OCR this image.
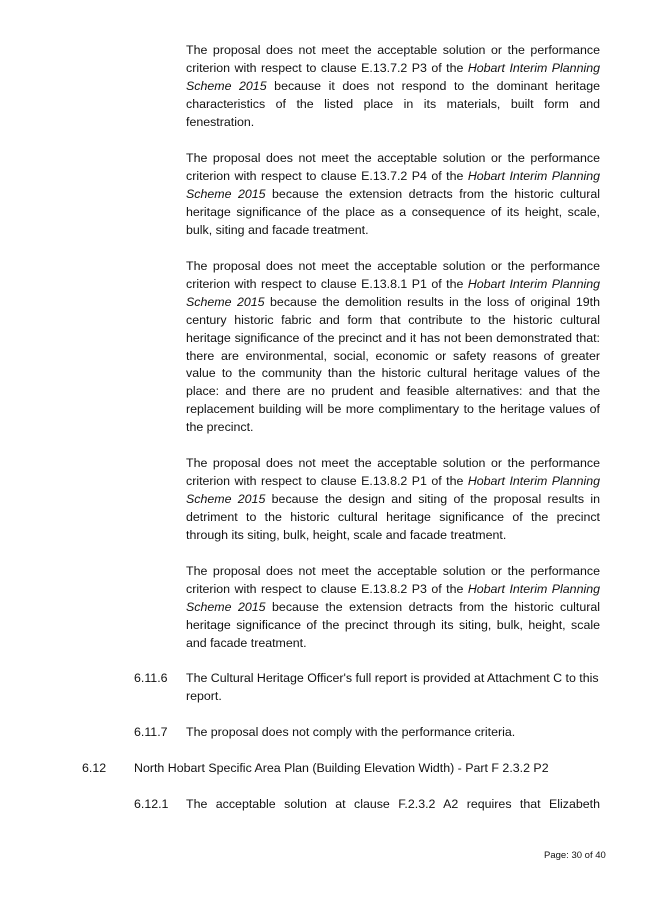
The proposal does not meet the acceptable solution or the performance criterion with respect to clause E.13.7.2 P3 of the Hobart Interim Planning Scheme 2015 because it does not respond to the dominant heritage characteristics of the listed place in its materials, built form and fenestration.
The proposal does not meet the acceptable solution or the performance criterion with respect to clause E.13.7.2 P4 of the Hobart Interim Planning Scheme 2015 because the extension detracts from the historic cultural heritage significance of the place as a consequence of its height, scale, bulk, siting and facade treatment.
The proposal does not meet the acceptable solution or the performance criterion with respect to clause E.13.8.1 P1 of the Hobart Interim Planning Scheme 2015 because the demolition results in the loss of original 19th century historic fabric and form that contribute to the historic cultural heritage significance of the precinct and it has not been demonstrated that: there are environmental, social, economic or safety reasons of greater value to the community than the historic cultural heritage values of the place: and there are no prudent and feasible alternatives: and that the replacement building will be more complimentary to the heritage values of the precinct.
The proposal does not meet the acceptable solution or the performance criterion with respect to clause E.13.8.2 P1 of the Hobart Interim Planning Scheme 2015 because the design and siting of the proposal results in detriment to the historic cultural heritage significance of the precinct through its siting, bulk, height, scale and facade treatment.
The proposal does not meet the acceptable solution or the performance criterion with respect to clause E.13.8.2 P3 of the Hobart Interim Planning Scheme 2015 because the extension detracts from the historic cultural heritage significance of the precinct through its siting, bulk, height, scale and facade treatment.
6.11.6 The Cultural Heritage Officer's full report is provided at Attachment C to this report.
6.11.7 The proposal does not comply with the performance criteria.
6.12 North Hobart Specific Area Plan (Building Elevation Width) - Part F 2.3.2 P2
6.12.1 The acceptable solution at clause F.2.3.2 A2 requires that Elizabeth
Page: 30 of 40
